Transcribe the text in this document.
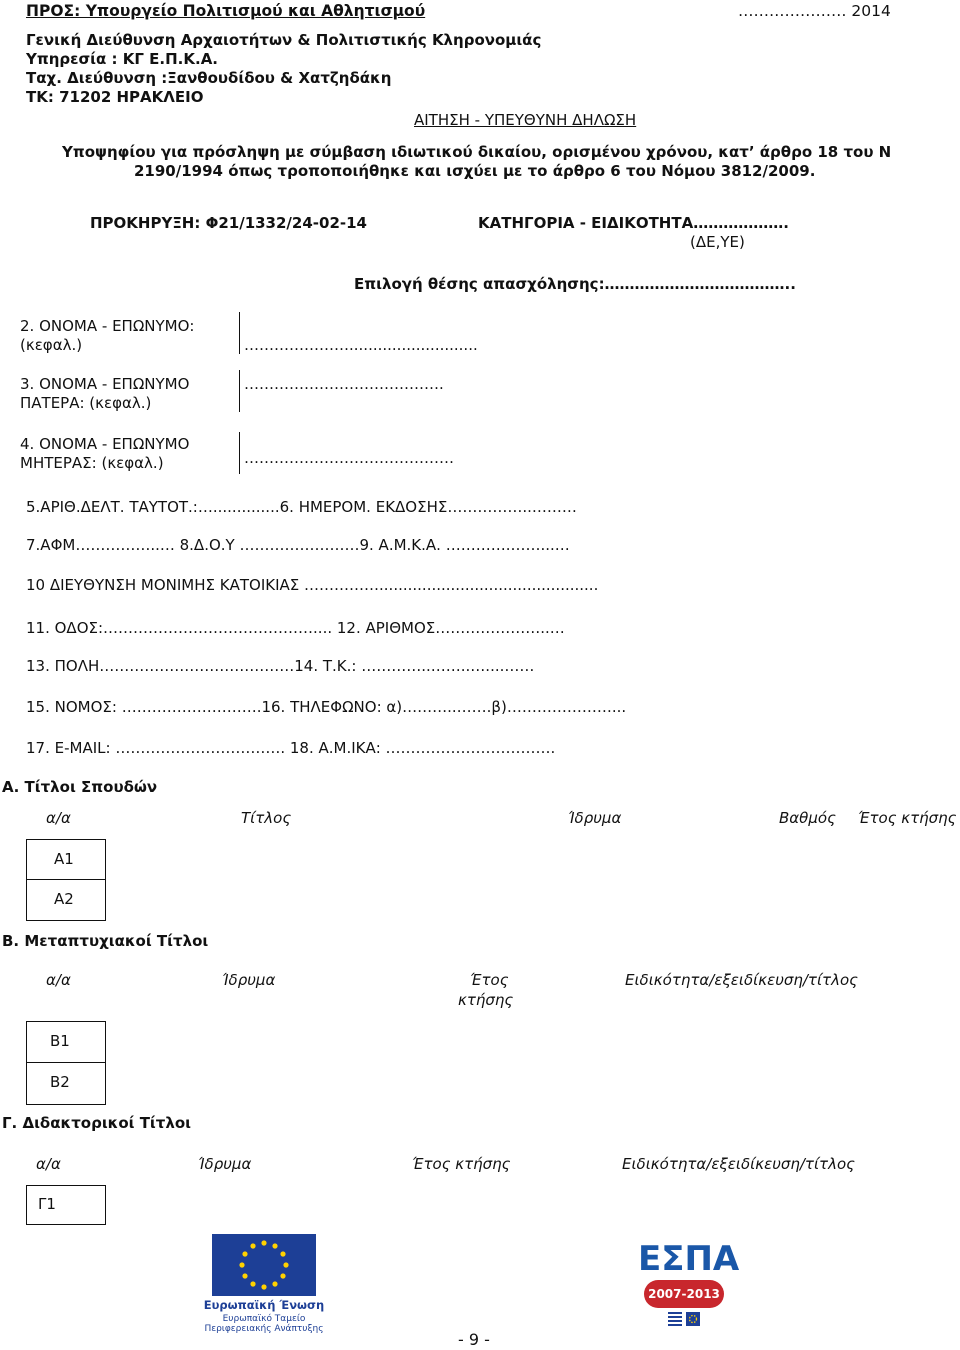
ΠΡΟΣ: Υπουργείο Πολιτισμού και Αθλητισμού	………………… 2014
Γενική Διεύθυνση Αρχαιοτήτων & Πολιτιστικής Κληρονομιάς
Υπηρεσία : ΚΓ Ε.Π.Κ.Α.
Ταχ. Διεύθυνση :Ξανθουδίδου & Χατζηδάκη
ΤΚ: 71202 ΗΡΑΚΛΕΙΟ
ΑΙΤΗΣΗ - ΥΠΕΥΘΥΝΗ ΔΗΛΩΣΗ
Υποψηφίου για πρόσληψη με σύμβαση ιδιωτικού δικαίου, ορισμένου χρόνου, κατ’ άρθρο 18 του Ν
2190/1994 όπως τροποποιήθηκε και ισχύει με το άρθρο 6 του Νόμου 3812/2009.
ΠΡΟΚΗΡΥΞΗ: Φ21/1332/24-02-14	ΚΑΤΗΓΟΡΙΑ - ΕΙΔΙΚΟΤΗΤΑ……………….
(ΔΕ,ΥΕ)
Επιλογή θέσης απασχόλησης:………………………………..
2. ΟΝΟΜΑ - ΕΠΩΝΥΜΟ:
(κεφαλ.)	…………………...........................
3. ΟΝΟΜΑ - ΕΠΩΝΥΜΟ
ΠΑΤΕΡΑ: (κεφαλ.)
………………………………….
4. ΟΝΟΜΑ - ΕΠΩΝΥΜΟ
ΜΗΤΕΡΑΣ: (κεφαλ.)	……………………………………
5.ΑΡΙΘ.ΔΕΛΤ. ΤΑΥΤΟΤ.:…..............6. ΗΜΕΡΟΜ. ΕΚΔΟΣΗΣ……………..………
7.ΑΦΜ……………..… 8.Δ.Ο.Υ ……………………9. Α.Μ.Κ.Α. ………….……...…
10 ΔΙΕΥΘΥΝΣΗ ΜΟΝΙΜΗΣ ΚΑΤΟΙΚΙΑΣ ……………..............................................
11. ΟΔΟΣ:…………………………………….... 12. ΑΡΙΘΜΟΣ…………………..…
13. ΠΟΛΗ…………………………………14. Τ.Κ.: …………..……..…....……
15. ΝΟΜΟΣ: ……………………….16. ΤΗΛΕΦΩΝΟ: α)………..…….β)…………………...
17. E-MAIL: ……………………………. 18. Α.Μ.ΙΚΑ: …………………………….
Α. Τίτλοι Σπουδών
α/α	Τίτλος	Ίδρυμα	Βαθμός Έτος κτήσης
Α1
Α2
Β. Μεταπτυχιακοί Τίτλοι
α/α	Ίδρυμα	Έτος
κτήσης
Ειδικότητα/εξειδίκευση/τίτλος
Β1
Β2
Γ. Διδακτορικοί Τίτλοι
α/α	Ίδρυμα	Έτος κτήσης	Ειδικότητα/εξειδίκευση/τίτλος
Γ1
Ευρωπαϊκή Ένωση
Ευρωπαϊκό Ταμείο
Περιφερειακής Ανάπτυξης
ΕΣΠΑ
2007-2013
- 9 -
